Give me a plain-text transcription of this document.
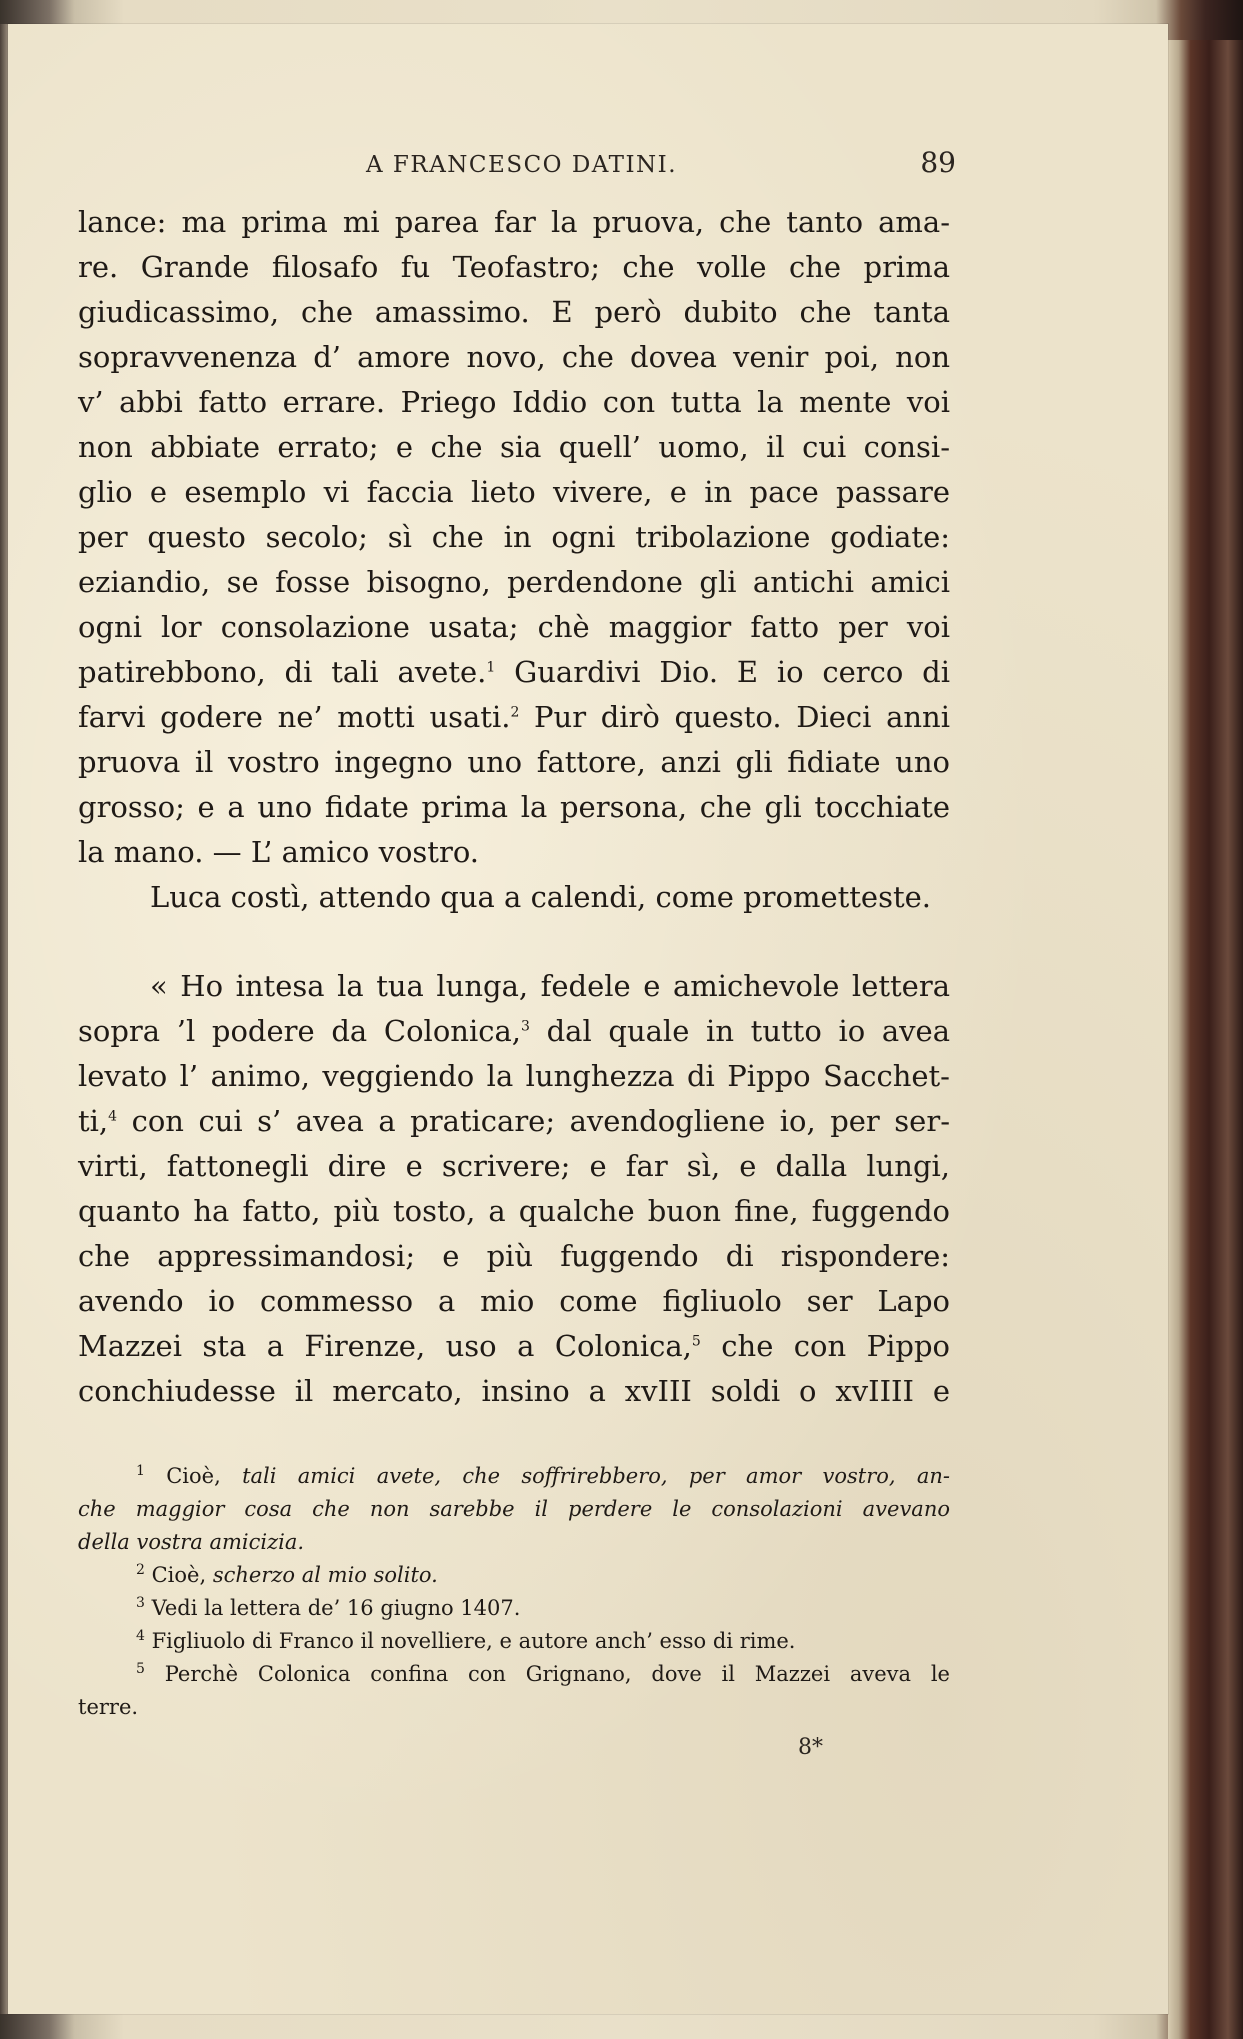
A FRANCESCO DATINI.	89
lance: ma prima mi parea far la pruova, che tanto ama-
re. Grande filosafo fu Teofastro; che volle che prima
giudicassimo, che amassimo. E però dubito che tanta
sopravvenenza d’ amore novo, che dovea venir poi, non
v’ abbi fatto errare. Priego Iddio con tutta la mente voi
non abbiate errato; e che sia quell’ uomo, il cui consi-
glio e esemplo vi faccia lieto vivere, e in pace passare
per questo secolo; sì che in ogni tribolazione godiate:
eziandio, se fosse bisogno, perdendone gli antichi amici
ogni lor consolazione usata; chè maggior fatto per voi
patirebbono, di tali avete.$^1$ Guardivi Dio. E io cerco di
farvi godere ne’ motti usati.$^2$ Pur dirò questo. Dieci anni
pruova il vostro ingegno uno fattore, anzi gli fidiate uno
grosso; e a uno fidate prima la persona, che gli tocchiate
la mano. — L’ amico vostro.
Luca costì, attendo qua a calendi, come prometteste.
« Ho intesa la tua lunga, fedele e amichevole lettera
sopra ’l podere da Colonica,$^3$ dal quale in tutto io avea
levato l’ animo, veggiendo la lunghezza di Pippo Sacchet-
ti,$^4$ con cui s’ avea a praticare; avendogliene io, per ser-
virti, fattonegli dire e scrivere; e far sì, e dalla lungi,
quanto ha fatto, più tosto, a qualche buon fine, fuggendo
che appressimandosi; e più fuggendo di rispondere:
avendo io commesso a mio come figliuolo ser Lapo
Mazzei sta a Firenze, uso a Colonica,$^5$ che con Pippo
conchiudesse il mercato, insino a xvIII soldi o xvIIII e
$^1$ Cioè, tali amici avete, che soffrirebbero, per amor vostro, an-
che maggior cosa che non sarebbe il perdere le consolazioni avevano
della vostra amicizia.
$^2$ Cioè, scherzo al mio solito.
$^3$ Vedi la lettera de’ 16 giugno 1407.
$^4$ Figliuolo di Franco il novelliere, e autore anch’ esso di rime.
$^5$ Perchè Colonica confina con Grignano, dove il Mazzei aveva le
terre.
8*
